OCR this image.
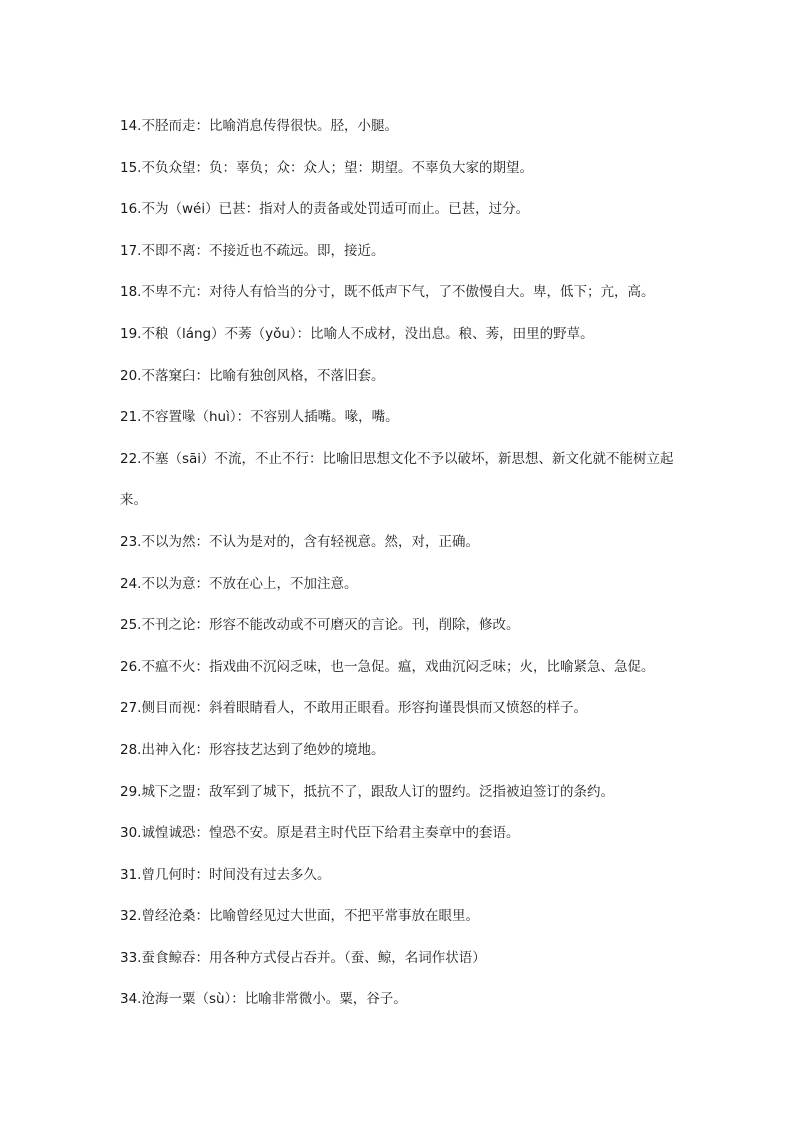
14.不胫而走：比喻消息传得很快。胫，小腿。
15.不负众望：负：辜负；众：众人；望：期望。不辜负大家的期望。
16.不为（wéi）已甚：指对人的责备或处罚适可而止。已甚，过分。
17.不即不离：不接近也不疏远。即，接近。
18.不卑不亢：对待人有恰当的分寸，既不低声下气，了不傲慢自大。卑，低下；亢，高。
19.不稂（láng）不莠（yǒu）：比喻人不成材，没出息。稂、莠，田里的野草。
20.不落窠臼：比喻有独创风格，不落旧套。
21.不容置喙（huì）：不容别人插嘴。喙，嘴。
22.不塞（sāi）不流，不止不行：比喻旧思想文化不予以破坏，新思想、新文化就不能树立起来。
23.不以为然：不认为是对的，含有轻视意。然，对，正确。
24.不以为意：不放在心上，不加注意。
25.不刊之论：形容不能改动或不可磨灭的言论。刊，削除，修改。
26.不瘟不火：指戏曲不沉闷乏味，也一急促。瘟，戏曲沉闷乏味；火，比喻紧急、急促。
27.侧目而视：斜着眼睛看人，不敢用正眼看。形容拘谨畏惧而又愤怒的样子。
28.出神入化：形容技艺达到了绝妙的境地。
29.城下之盟：敌军到了城下，抵抗不了，跟敌人订的盟约。泛指被迫签订的条约。
30.诚惶诚恐：惶恐不安。原是君主时代臣下给君主奏章中的套语。
31.曾几何时：时间没有过去多久。
32.曾经沧桑：比喻曾经见过大世面，不把平常事放在眼里。
33.蚕食鲸吞：用各种方式侵占吞并。（蚕、鲸，名词作状语）
34.沧海一粟（sù）：比喻非常微小。粟，谷子。
